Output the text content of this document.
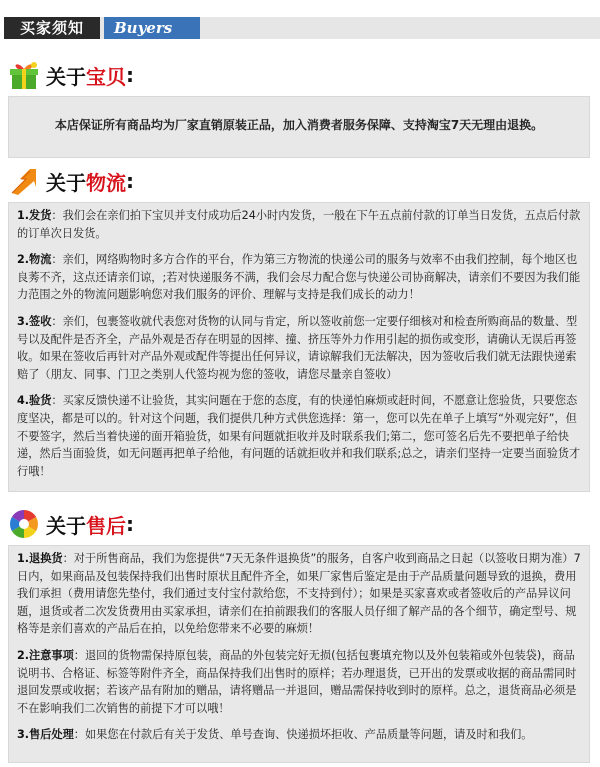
买家须知	Buyers
关于 宝贝 :

本店保证所有商品均为厂家直销原装正品，加入消费者服务保障、支持淘宝7天无理由退换。

关于 物流 :

1.发货：我们会在亲们拍下宝贝并支付成功后24小时内发货，一般在下午五点前付款的订单当日发货，五点后付款的订单次日发货。

2.物流：亲们，网络购物时多方合作的平台，作为第三方物流的快递公司的服务与效率不由我们控制，每个地区也良莠不齐，这点还请亲们谅，;若对快递服务不满，我们会尽力配合您与快递公司协商解决，请亲们不要因为我们能力范围之外的物流问题影响您对我们服务的评价、理解与支持是我们成长的动力！

3.签收：亲们，包裹签收就代表您对货物的认同与肯定，所以签收前您一定要仔细核对和检查所购商品的数量、型号以及配件是否齐全，产品外观是否存在明显的因摔、撞、挤压等外力作用引起的损伤或变形，请确认无误后再签收。如果在签收后再针对产品外观或配件等提出任何异议，请谅解我们无法解决，因为签收后我们就无法跟快递索赔了（朋友、同事、门卫之类别人代签均视为您的签收，请您尽量亲自签收）

4.验货：买家反馈快递不让验货，其实问题在于您的态度，有的快递怕麻烦或赶时间，不愿意让您验货，只要您态度坚决，都是可以的。针对这个问题，我们提供几种方式供您选择：第一，您可以先在单子上填写“外观完好”，但不要签字，然后当着快递的面开箱验货，如果有问题就拒收并及时联系我们;第二，您可签名后先不要把单子给快递，然后当面验货，如无问题再把单子给他，有问题的话就拒收并和我们联系;总之，请亲们坚持一定要当面验货才行哦！

关于 售后 :

1.退换货：对于所售商品，我们为您提供“7天无条件退换货”的服务，自客户收到商品之日起（以签收日期为准）7日内，如果商品及包装保持我们出售时原状且配件齐全，如果厂家售后鉴定是由于产品质量问题导致的退换，费用我们承担（费用请您先垫付，我们通过支付宝付款给您，不支持到付）；如果是买家喜欢或者签收后的产品异议问题，退货或者二次发货费用由买家承担，请亲们在拍前跟我们的客服人员仔细了解产品的各个细节，确定型号、规格等是亲们喜欢的产品后在拍，以免给您带来不必要的麻烦！

2.注意事项：退回的货物需保持原包装，商品的外包装完好无损(包括包裹填充物以及外包装箱或外包装袋)，商品说明书、合格证、标签等附件齐全，商品保持我们出售时的原样；若办理退货，已开出的发票或收据的商品需同时退回发票或收据；若该产品有附加的赠品，请将赠品一并退回，赠品需保持收到时的原样。总之，退货商品必须是不在影响我们二次销售的前提下才可以哦！

3.售后处理：如果您在付款后有关于发货、单号查询、快递损坏拒收、产品质量等问题，请及时和我们。
